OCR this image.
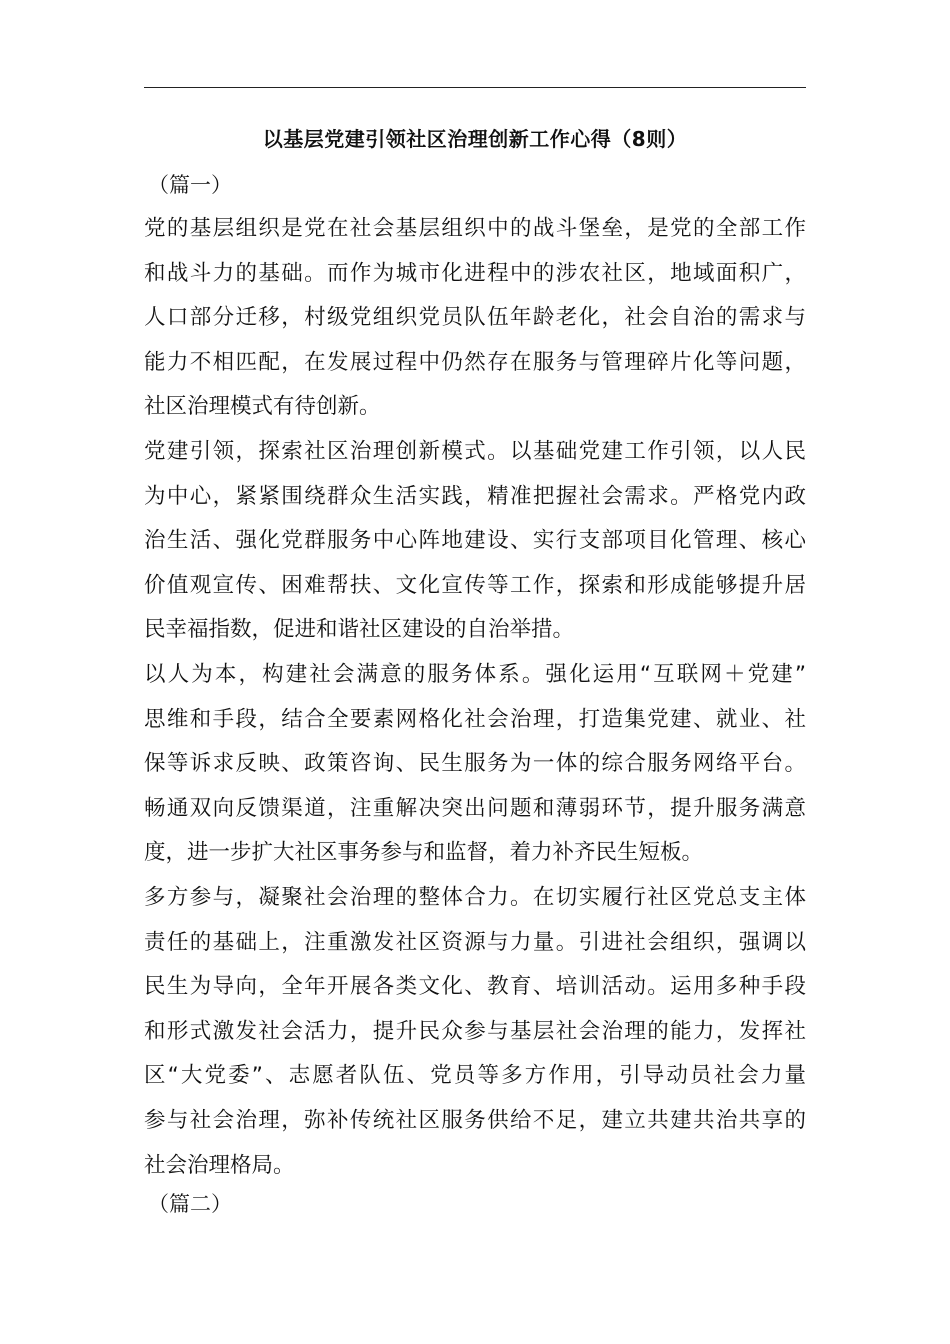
以基层党建引领社区治理创新工作心得（8则）
（篇一）
党的基层组织是党在社会基层组织中的战斗堡垒，是党的全部工作
和战斗力的基础。而作为城市化进程中的涉农社区，地域面积广，
人口部分迁移，村级党组织党员队伍年龄老化，社会自治的需求与
能力不相匹配，在发展过程中仍然存在服务与管理碎片化等问题，
社区治理模式有待创新。
党建引领，探索社区治理创新模式。以基础党建工作引领，以人民
为中心，紧紧围绕群众生活实践，精准把握社会需求。严格党内政
治生活、强化党群服务中心阵地建设、实行支部项目化管理、核心
价值观宣传、困难帮扶、文化宣传等工作，探索和形成能够提升居
民幸福指数，促进和谐社区建设的自治举措。
以人为本，构建社会满意的服务体系。强化运用“互联网＋党建”
思维和手段，结合全要素网格化社会治理，打造集党建、就业、社
保等诉求反映、政策咨询、民生服务为一体的综合服务网络平台。
畅通双向反馈渠道，注重解决突出问题和薄弱环节，提升服务满意
度，进一步扩大社区事务参与和监督，着力补齐民生短板。
多方参与，凝聚社会治理的整体合力。在切实履行社区党总支主体
责任的基础上，注重激发社区资源与力量。引进社会组织，强调以
民生为导向，全年开展各类文化、教育、培训活动。运用多种手段
和形式激发社会活力，提升民众参与基层社会治理的能力，发挥社
区“大党委”、志愿者队伍、党员等多方作用，引导动员社会力量
参与社会治理，弥补传统社区服务供给不足，建立共建共治共享的
社会治理格局。
（篇二）
